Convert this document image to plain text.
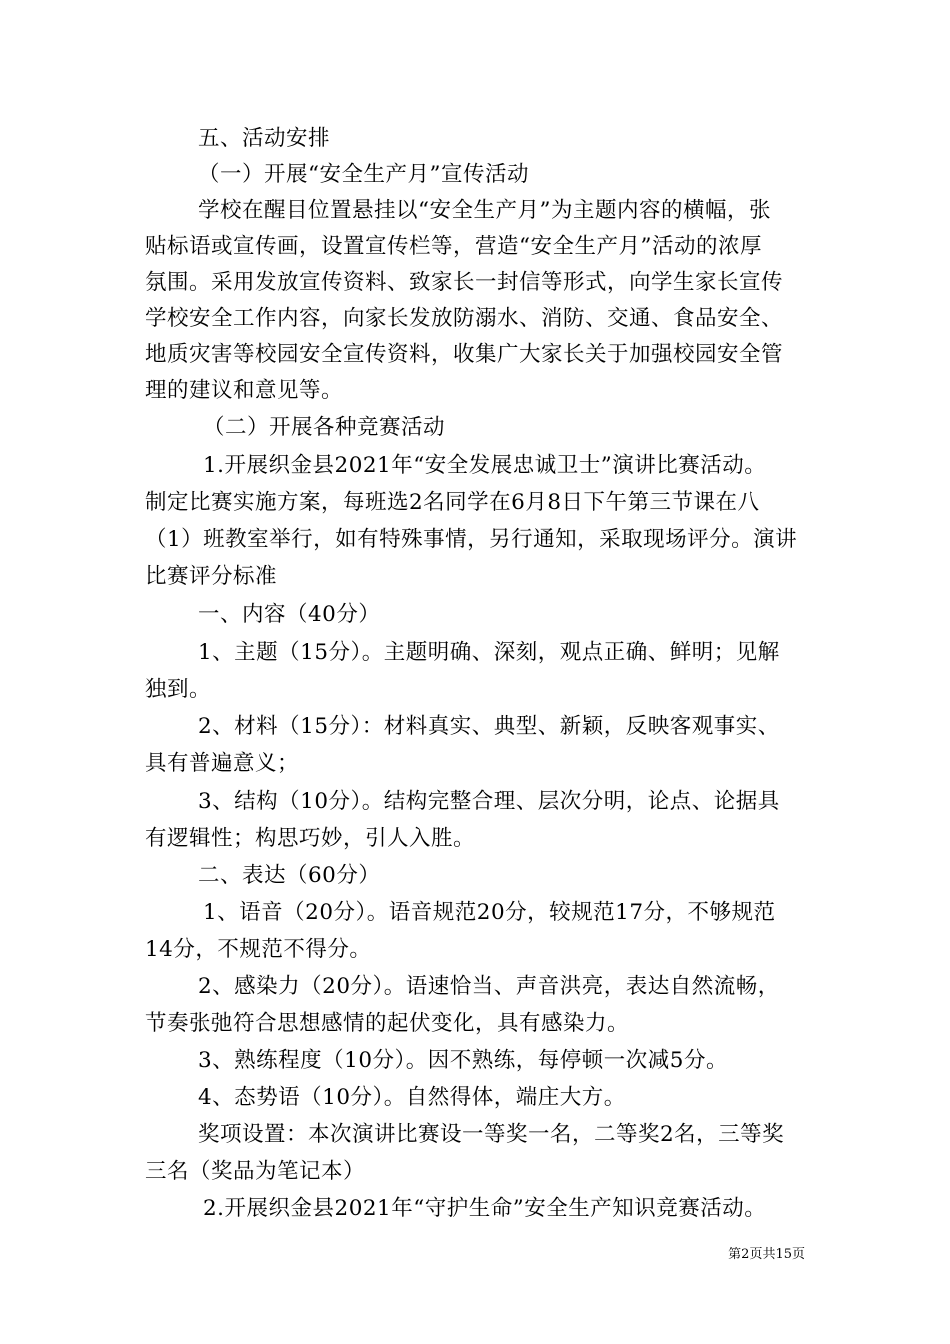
五、活动安排
（一）开展“安全生产月”宣传活动
学校在醒目位置悬挂以“安全生产月”为主题内容的横幅，张
贴标语或宣传画，设置宣传栏等，营造“安全生产月”活动的浓厚
氛围。采用发放宣传资料、致家长一封信等形式，向学生家长宣传
学校安全工作内容，向家长发放防溺水、消防、交通、食品安全、
地质灾害等校园安全宣传资料，收集广大家长关于加强校园安全管
理的建议和意见等。
（二）开展各种竞赛活动
1.开展织金县2021年“安全发展忠诚卫士”演讲比赛活动。
制定比赛实施方案，每班选2名同学在6月8日下午第三节课在八
（1）班教室举行，如有特殊事情，另行通知，采取现场评分。演讲
比赛评分标准
一、内容（40分）
1、主题（15分）。主题明确、深刻，观点正确、鲜明；见解
独到。
2、材料（15分）：材料真实、典型、新颖，反映客观事实、
具有普遍意义；
3、结构（10分）。结构完整合理、层次分明，论点、论据具
有逻辑性；构思巧妙，引人入胜。
二、表达（60分）
1、语音（20分）。语音规范20分，较规范17分，不够规范
14分，不规范不得分。
2、感染力（20分）。语速恰当、声音洪亮，表达自然流畅，
节奏张弛符合思想感情的起伏变化，具有感染力。
3、熟练程度（10分）。因不熟练，每停顿一次减5分。
4、态势语（10分）。自然得体，端庄大方。
奖项设置：本次演讲比赛设一等奖一名，二等奖2名，三等奖
三名（奖品为笔记本）
2.开展织金县2021年“守护生命”安全生产知识竞赛活动。
第2页共15页
